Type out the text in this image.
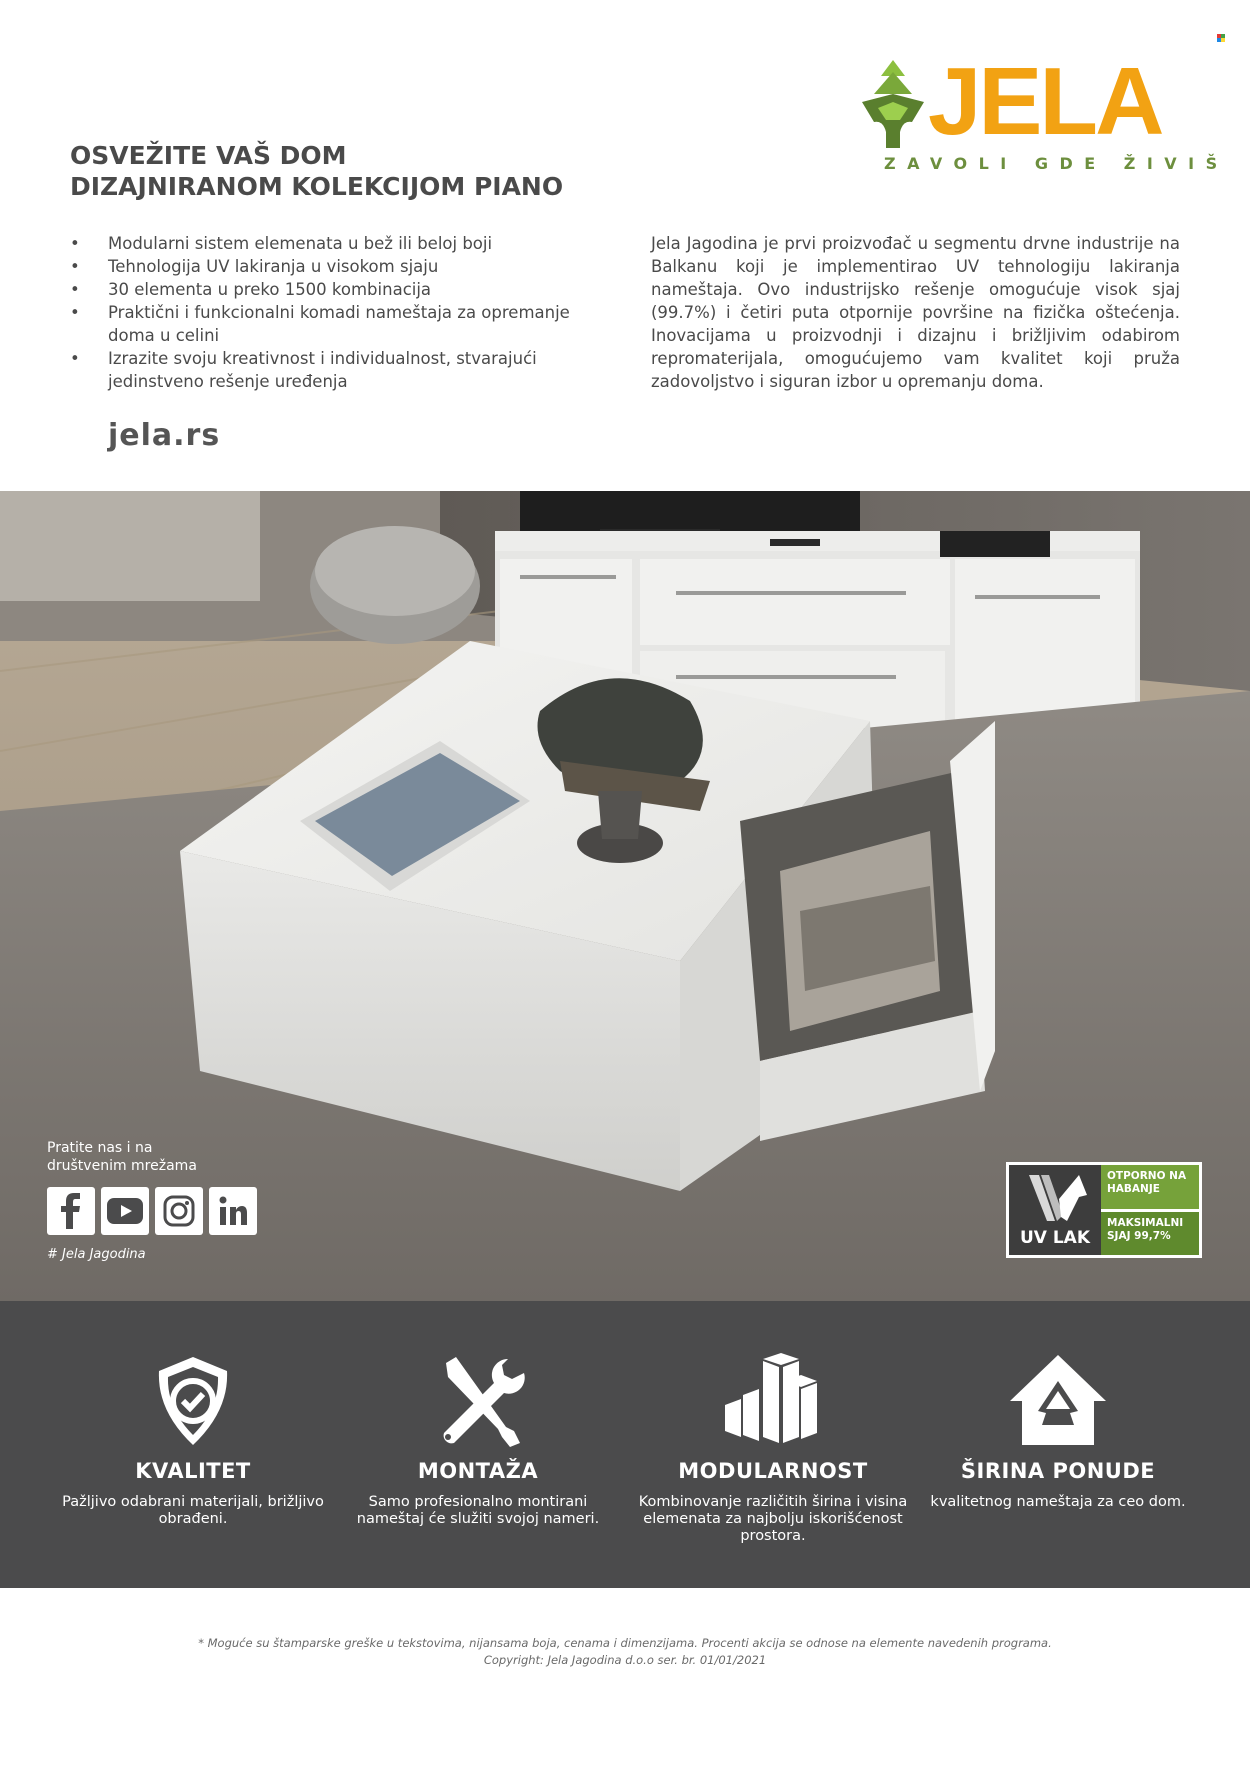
JELA
ZAVOLI GDE ŽIVIŠ
OSVEŽITE VAŠ DOM
DIZAJNIRANOM KOLEKCIJOM PIANO
• Modularni sistem elemenata u bež ili beloj boji
• Tehnologija UV lakiranja u visokom sjaju
• 30 elementa u preko 1500 kombinacija
• Praktični i funkcionalni komadi nameštaja za opremanje doma u celini
• Izrazite svoju kreativnost i individualnost, stvarajući jedinstveno rešenje uređenja

Jela Jagodina je prvi proizvođač u segmentu drvne industrije na Balkanu koji je implementirao UV tehnologiju lakiranja nameštaja. Ovo industrijsko rešenje omogućuje visok sjaj (99.7%) i četiri puta otpornije površine na fizička oštećenja. Inovacijama u proizvodnji i dizajnu i brižljivim odabirom repromaterijala, omogućujemo vam kvalitet koji pruža zadovoljstvo i siguran izbor u opremanju doma.

jela.rs
UV LAK
OTPORNO NA HABANJE
MAKSIMALNI SJAJ 99,7%
Pratite nas i na društvenim mrežama
# Jela Jagodina
KVALITET
Pažljivo odabrani materijali, brižljivo obrađeni.
MONTAŽA
Samo profesionalno montirani nameštaj će služiti svojoj nameri.
MODULARNOST
Kombinovanje različitih širina i visina elemenata za najbolju iskorišćenost prostora.
ŠIRINA PONUDE
kvalitetnog nameštaja za ceo dom.
* Moguće su štamparske greške u tekstovima, nijansama boja, cenama i dimenzijama. Procenti akcija se odnose na elemente navedenih programa.
Copyright: Jela Jagodina d.o.o ser. br. 01/01/2021
